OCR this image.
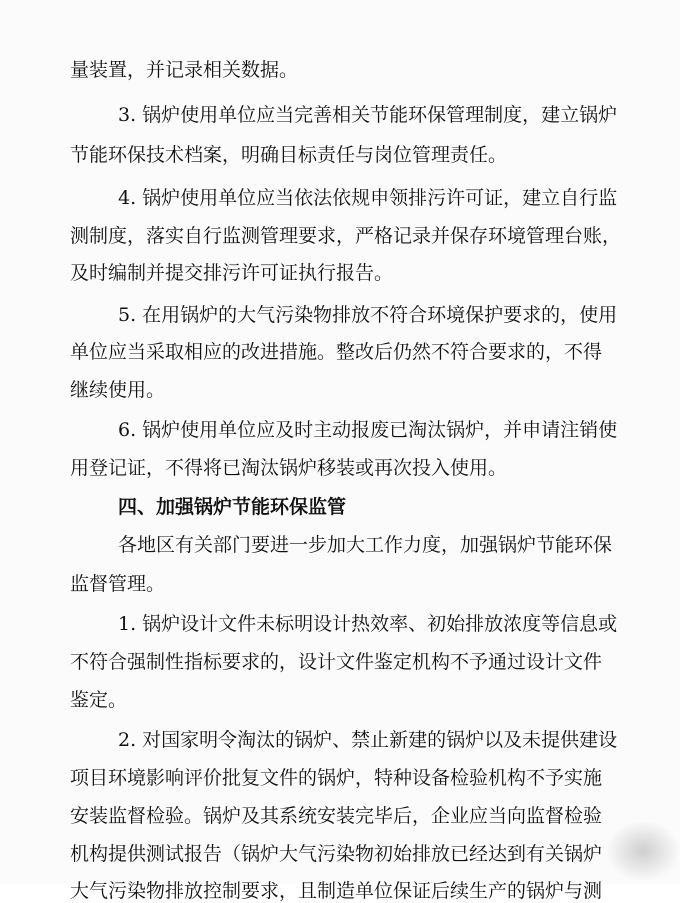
量装置，并记录相关数据。
3. 锅炉使用单位应当完善相关节能环保管理制度，建立锅炉
节能环保技术档案，明确目标责任与岗位管理责任。
4. 锅炉使用单位应当依法依规申领排污许可证，建立自行监
测制度，落实自行监测管理要求，严格记录并保存环境管理台账，
及时编制并提交排污许可证执行报告。
5. 在用锅炉的大气污染物排放不符合环境保护要求的，使用
单位应当采取相应的改进措施。整改后仍然不符合要求的，不得
继续使用。
6. 锅炉使用单位应及时主动报废已淘汰锅炉，并申请注销使
用登记证，不得将已淘汰锅炉移装或再次投入使用。
四、加强锅炉节能环保监管
各地区有关部门要进一步加大工作力度，加强锅炉节能环保
监督管理。
1. 锅炉设计文件未标明设计热效率、初始排放浓度等信息或
不符合强制性指标要求的，设计文件鉴定机构不予通过设计文件
鉴定。
2. 对国家明令淘汰的锅炉、禁止新建的锅炉以及未提供建设
项目环境影响评价批复文件的锅炉，特种设备检验机构不予实施
安装监督检验。锅炉及其系统安装完毕后，企业应当向监督检验
机构提供测试报告（锅炉大气污染物初始排放已经达到有关锅炉
大气污染物排放控制要求，且制造单位保证后续生产的锅炉与测
